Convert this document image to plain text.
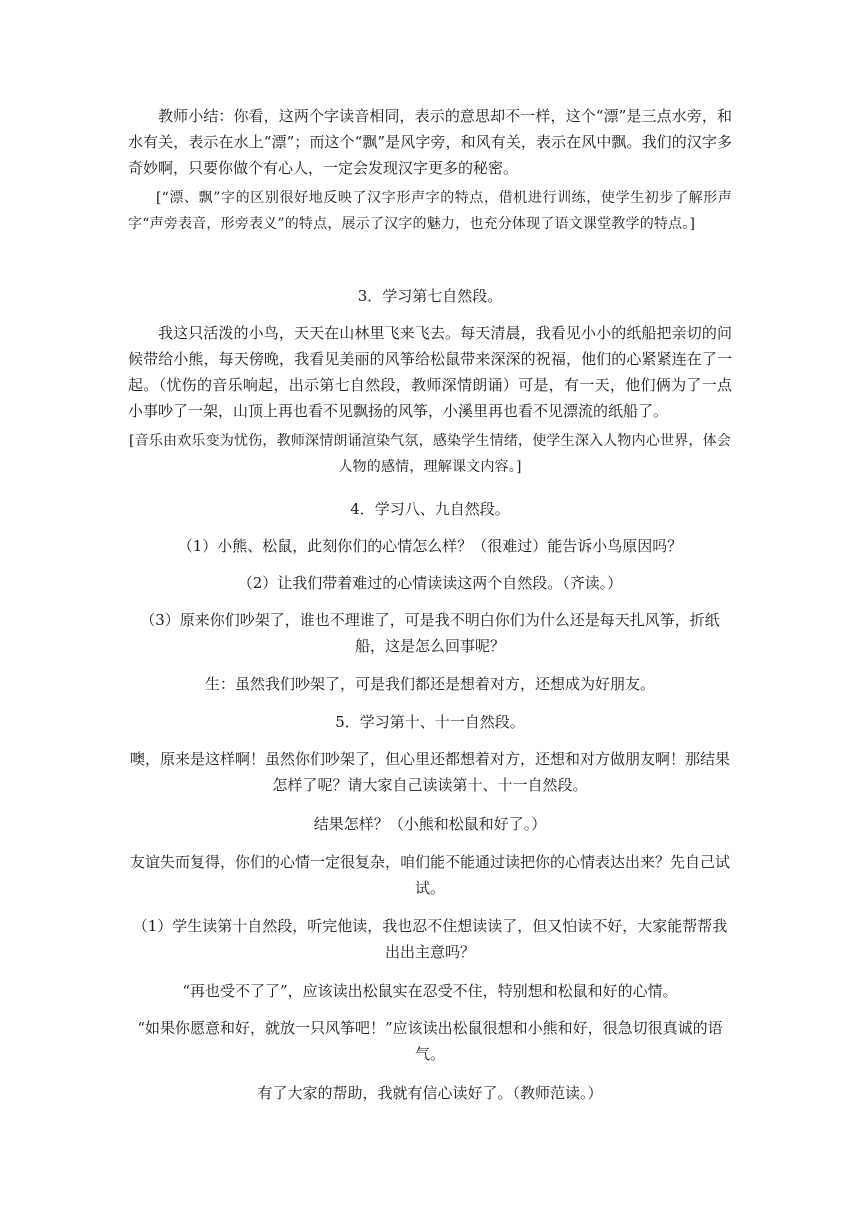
教师小结：你看，这两个字读音相同，表示的意思却不一样，这个“漂”是三点水旁，和水有关，表示在水上“漂”；而这个“飘”是风字旁，和风有关，表示在风中飘。我们的汉字多奇妙啊，只要你做个有心人，一定会发现汉字更多的秘密。

[“漂、飘”字的区别很好地反映了汉字形声字的特点，借机进行训练，使学生初步了解形声字“声旁表音，形旁表义”的特点，展示了汉字的魅力，也充分体现了语文课堂教学的特点。]

3．学习第七自然段。

我这只活泼的小鸟，天天在山林里飞来飞去。每天清晨，我看见小小的纸船把亲切的问候带给小熊，每天傍晚，我看见美丽的风筝给松鼠带来深深的祝福，他们的心紧紧连在了一起。（忧伤的音乐响起，出示第七自然段，教师深情朗诵）可是，有一天，他们俩为了一点小事吵了一架，山顶上再也看不见飘扬的风筝，小溪里再也看不见漂流的纸船了。

[音乐由欢乐变为忧伤，教师深情朗诵渲染气氛，感染学生情绪，使学生深入人物内心世界，体会人物的感情，理解课文内容。]

4．学习八、九自然段。

（1）小熊、松鼠，此刻你们的心情怎么样？（很难过）能告诉小鸟原因吗？

（2）让我们带着难过的心情读读这两个自然段。（齐读。）

（3）原来你们吵架了，谁也不理谁了，可是我不明白你们为什么还是每天扎风筝，折纸船，这是怎么回事呢？

生：虽然我们吵架了，可是我们都还是想着对方，还想成为好朋友。

5．学习第十、十一自然段。

噢，原来是这样啊！虽然你们吵架了，但心里还都想着对方，还想和对方做朋友啊！那结果怎样了呢？请大家自己读读第十、十一自然段。

结果怎样？（小熊和松鼠和好了。）

友谊失而复得，你们的心情一定很复杂，咱们能不能通过读把你的心情表达出来？先自己试试。

（1）学生读第十自然段，听完他读，我也忍不住想读读了，但又怕读不好，大家能帮帮我出出主意吗？

“再也受不了了”，应该读出松鼠实在忍受不住，特别想和松鼠和好的心情。

“如果你愿意和好，就放一只风筝吧！”应该读出松鼠很想和小熊和好，很急切很真诚的语气。

有了大家的帮助，我就有信心读好了。（教师范读。）
